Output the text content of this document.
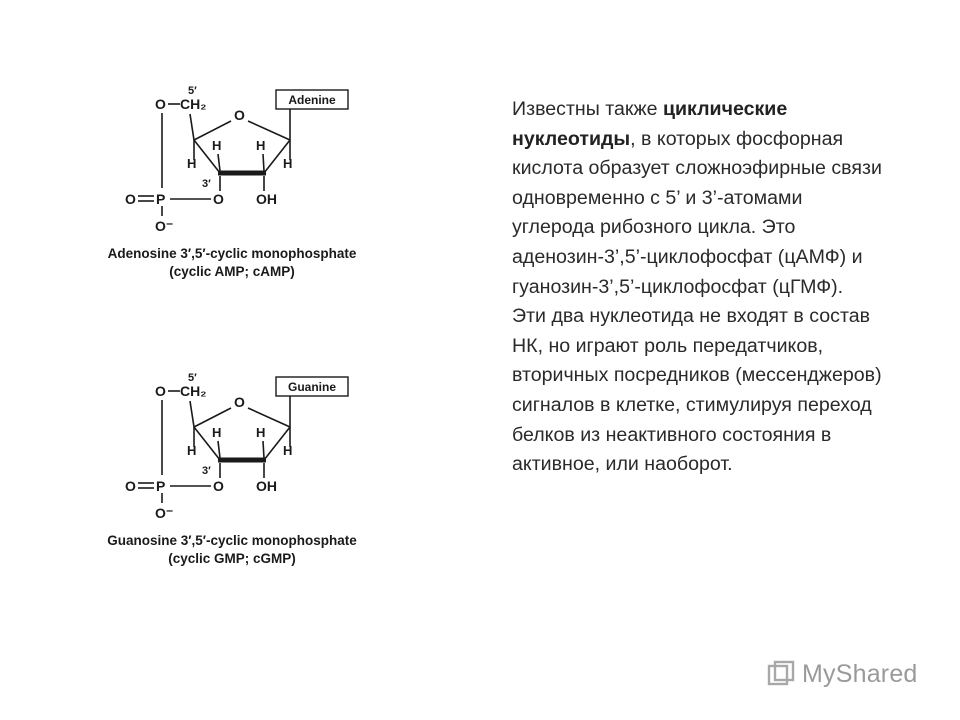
5′
O CH₂
O
Adenine
H	H
H	H
3′
O OH
O P
O⁻
Adenosine 3′,5′-cyclic monophosphate
(cyclic AMP; cAMP)
5′
O CH₂
O
Guanine
H	H
H	H
3′
O OH
O P
O⁻
Guanosine 3′,5′-cyclic monophosphate
(cyclic GMP; cGMP)
Известны также циклические нуклеотиды, в которых фосфорная кислота образует сложноэфирные связи одновременно с 5’ и 3’-атомами углерода рибозного цикла. Это аденозин-3’,5’-циклофосфат (цАМФ) и гуанозин-3’,5’-циклофосфат (цГМФ). Эти два нуклеотида не входят в состав НК, но играют роль передатчиков, вторичных посредников (мессенджеров) сигналов в клетке, стимулируя переход белков из неактивного состояния в активное, или наоборот.
MyShared
